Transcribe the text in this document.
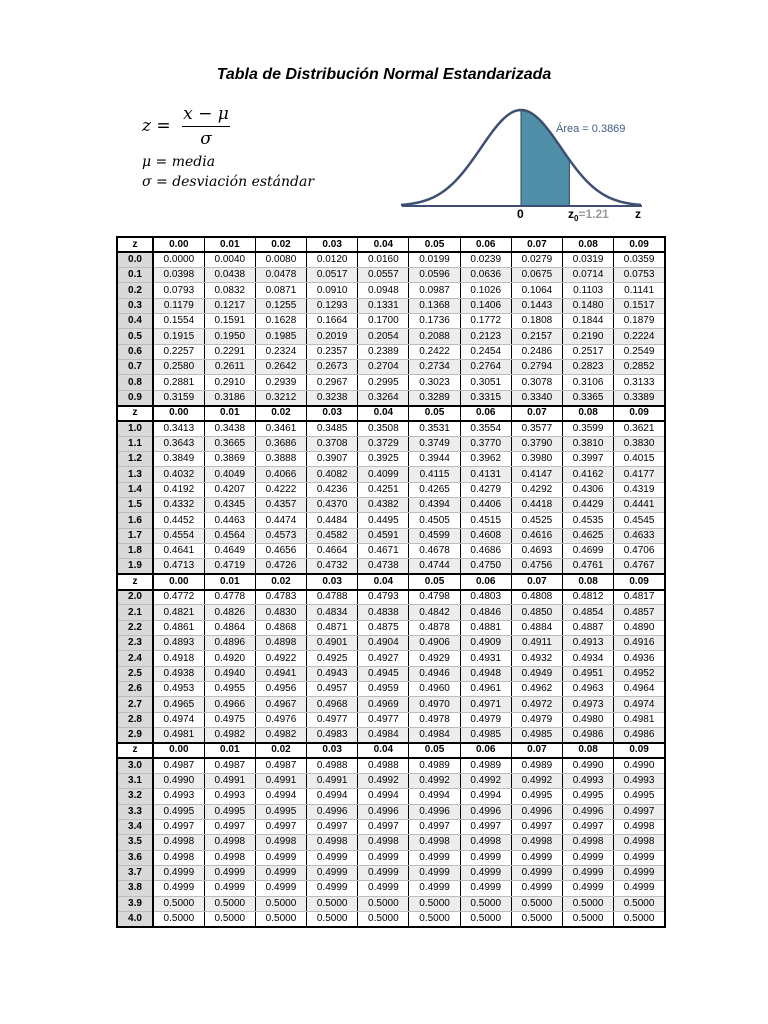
Tabla de Distribución Normal Estandarizada
z =
x − μ
σ
μ = media
σ = desviación estándar
Área = 0.3869
0	$z_0=1.21$ z
z	0.00	0.01	0.02	0.03	0.04	0.05	0.06	0.07	0.08	0.09
0.0	0.0000	0.0040	0.0080	0.0120	0.0160	0.0199	0.0239	0.0279	0.0319	0.0359
0.1	0.0398	0.0438	0.0478	0.0517	0.0557	0.0596	0.0636	0.0675	0.0714	0.0753
0.2	0.0793	0.0832	0.0871	0.0910	0.0948	0.0987	0.1026	0.1064	0.1103	0.1141
0.3	0.1179	0.1217	0.1255	0.1293	0.1331	0.1368	0.1406	0.1443	0.1480	0.1517
0.4	0.1554	0.1591	0.1628	0.1664	0.1700	0.1736	0.1772	0.1808	0.1844	0.1879
0.5	0.1915	0.1950	0.1985	0.2019	0.2054	0.2088	0.2123	0.2157	0.2190	0.2224
0.6	0.2257	0.2291	0.2324	0.2357	0.2389	0.2422	0.2454	0.2486	0.2517	0.2549
0.7	0.2580	0.2611	0.2642	0.2673	0.2704	0.2734	0.2764	0.2794	0.2823	0.2852
0.8	0.2881	0.2910	0.2939	0.2967	0.2995	0.3023	0.3051	0.3078	0.3106	0.3133
0.9	0.3159	0.3186	0.3212	0.3238	0.3264	0.3289	0.3315	0.3340	0.3365	0.3389
z	0.00	0.01	0.02	0.03	0.04	0.05	0.06	0.07	0.08	0.09
1.0	0.3413	0.3438	0.3461	0.3485	0.3508	0.3531	0.3554	0.3577	0.3599	0.3621
1.1	0.3643	0.3665	0.3686	0.3708	0.3729	0.3749	0.3770	0.3790	0.3810	0.3830
1.2	0.3849	0.3869	0.3888	0.3907	0.3925	0.3944	0.3962	0.3980	0.3997	0.4015
1.3	0.4032	0.4049	0.4066	0.4082	0.4099	0.4115	0.4131	0.4147	0.4162	0.4177
1.4	0.4192	0.4207	0.4222	0.4236	0.4251	0.4265	0.4279	0.4292	0.4306	0.4319
1.5	0.4332	0.4345	0.4357	0.4370	0.4382	0.4394	0.4406	0.4418	0.4429	0.4441
1.6	0.4452	0.4463	0.4474	0.4484	0.4495	0.4505	0.4515	0.4525	0.4535	0.4545
1.7	0.4554	0.4564	0.4573	0.4582	0.4591	0.4599	0.4608	0.4616	0.4625	0.4633
1.8	0.4641	0.4649	0.4656	0.4664	0.4671	0.4678	0.4686	0.4693	0.4699	0.4706
1.9	0.4713	0.4719	0.4726	0.4732	0.4738	0.4744	0.4750	0.4756	0.4761	0.4767
z	0.00	0.01	0.02	0.03	0.04	0.05	0.06	0.07	0.08	0.09
2.0	0.4772	0.4778	0.4783	0.4788	0.4793	0.4798	0.4803	0.4808	0.4812	0.4817
2.1	0.4821	0.4826	0.4830	0.4834	0.4838	0.4842	0.4846	0.4850	0.4854	0.4857
2.2	0.4861	0.4864	0.4868	0.4871	0.4875	0.4878	0.4881	0.4884	0.4887	0.4890
2.3	0.4893	0.4896	0.4898	0.4901	0.4904	0.4906	0.4909	0.4911	0.4913	0.4916
2.4	0.4918	0.4920	0.4922	0.4925	0.4927	0.4929	0.4931	0.4932	0.4934	0.4936
2.5	0.4938	0.4940	0.4941	0.4943	0.4945	0.4946	0.4948	0.4949	0.4951	0.4952
2.6	0.4953	0.4955	0.4956	0.4957	0.4959	0.4960	0.4961	0.4962	0.4963	0.4964
2.7	0.4965	0.4966	0.4967	0.4968	0.4969	0.4970	0.4971	0.4972	0.4973	0.4974
2.8	0.4974	0.4975	0.4976	0.4977	0.4977	0.4978	0.4979	0.4979	0.4980	0.4981
2.9	0.4981	0.4982	0.4982	0.4983	0.4984	0.4984	0.4985	0.4985	0.4986	0.4986
z	0.00	0.01	0.02	0.03	0.04	0.05	0.06	0.07	0.08	0.09
3.0	0.4987	0.4987	0.4987	0.4988	0.4988	0.4989	0.4989	0.4989	0.4990	0.4990
3.1	0.4990	0.4991	0.4991	0.4991	0.4992	0.4992	0.4992	0.4992	0.4993	0.4993
3.2	0.4993	0.4993	0.4994	0.4994	0.4994	0.4994	0.4994	0.4995	0.4995	0.4995
3.3	0.4995	0.4995	0.4995	0.4996	0.4996	0.4996	0.4996	0.4996	0.4996	0.4997
3.4	0.4997	0.4997	0.4997	0.4997	0.4997	0.4997	0.4997	0.4997	0.4997	0.4998
3.5	0.4998	0.4998	0.4998	0.4998	0.4998	0.4998	0.4998	0.4998	0.4998	0.4998
3.6	0.4998	0.4998	0.4999	0.4999	0.4999	0.4999	0.4999	0.4999	0.4999	0.4999
3.7	0.4999	0.4999	0.4999	0.4999	0.4999	0.4999	0.4999	0.4999	0.4999	0.4999
3.8	0.4999	0.4999	0.4999	0.4999	0.4999	0.4999	0.4999	0.4999	0.4999	0.4999
3.9	0.5000	0.5000	0.5000	0.5000	0.5000	0.5000	0.5000	0.5000	0.5000	0.5000
4.0	0.5000	0.5000	0.5000	0.5000	0.5000	0.5000	0.5000	0.5000	0.5000	0.5000
